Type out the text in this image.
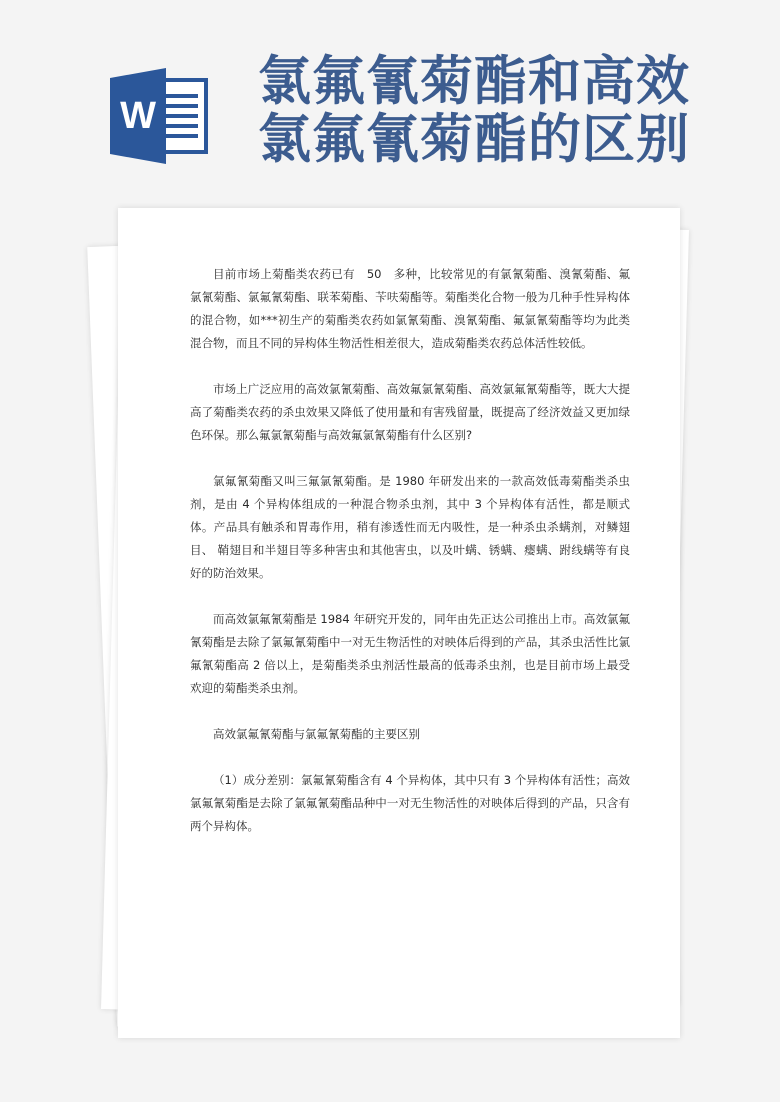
W
氯氟氰菊酯和高效
氯氟氰菊酯的区别

目前市场上菊酯类农药已有　50　多种，比较常见的有氯氰菊酯、溴氰菊酯、氟氯氰菊酯、氯氟氰菊酯、联苯菊酯、苄呋菊酯等。菊酯类化合物一般为几种手性异构体的混合物，如***初生产的菊酯类农药如氯氰菊酯、溴氰菊酯、氟氯氰菊酯等均为此类混合物，而且不同的异构体生物活性相差很大，造成菊酯类农药总体活性较低。

市场上广泛应用的高效氯氰菊酯、高效氟氯氰菊酯、高效氯氟氰菊酯等，既大大提高了菊酯类农药的杀虫效果又降低了使用量和有害残留量，既提高了经济效益又更加绿色环保。那么氟氯氰菊酯与高效氟氯氰菊酯有什么区别?

氯氟氰菊酯又叫三氟氯氰菊酯。是 1980 年研发出来的一款高效低毒菊酯类杀虫剂，是由 4 个异构体组成的一种混合物杀虫剂，其中 3 个异构体有活性，都是顺式体。产品具有触杀和胃毒作用，稍有渗透性而无内吸性，是一种杀虫杀螨剂，对鳞翅目、 鞘翅目和半翅目等多种害虫和其他害虫，以及叶螨、锈螨、瘿螨、跗线螨等有良好的防治效果。

而高效氯氟氰菊酯是 1984 年研究开发的，同年由先正达公司推出上市。高效氯氟氰菊酯是去除了氯氟氰菊酯中一对无生物活性的对映体后得到的产品，其杀虫活性比氯氟氰菊酯高 2 倍以上，是菊酯类杀虫剂活性最高的低毒杀虫剂，也是目前市场上最受欢迎的菊酯类杀虫剂。

高效氯氟氰菊酯与氯氟氰菊酯的主要区别

（1）成分差别：氯氟氰菊酯含有 4 个异构体，其中只有 3 个异构体有活性；高效氯氟氰菊酯是去除了氯氟氰菊酯品种中一对无生物活性的对映体后得到的产品，只含有两个异构体。
